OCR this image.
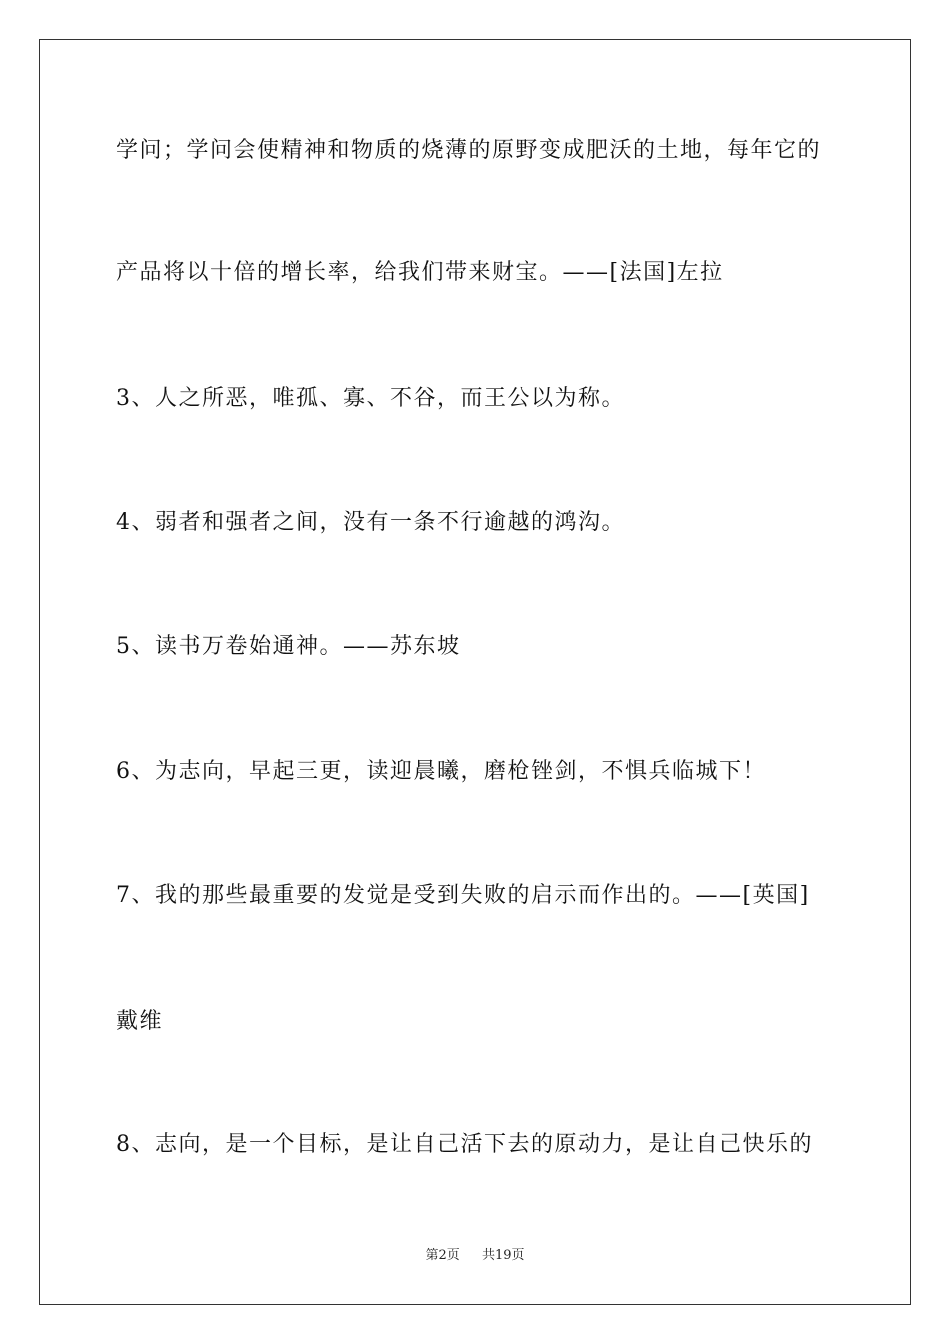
学问；学问会使精神和物质的烧薄的原野变成肥沃的土地，每年它的
产品将以十倍的增长率，给我们带来财宝。——[法国]左拉
3、人之所恶，唯孤、寡、不谷，而王公以为称。
4、弱者和强者之间，没有一条不行逾越的鸿沟。
5、读书万卷始通神。——苏东坡
6、为志向，早起三更，读迎晨曦，磨枪锉剑，不惧兵临城下！
7、我的那些最重要的发觉是受到失败的启示而作出的。——[英国]
戴维
8、志向，是一个目标，是让自己活下去的原动力，是让自己快乐的
第2页 共19页
